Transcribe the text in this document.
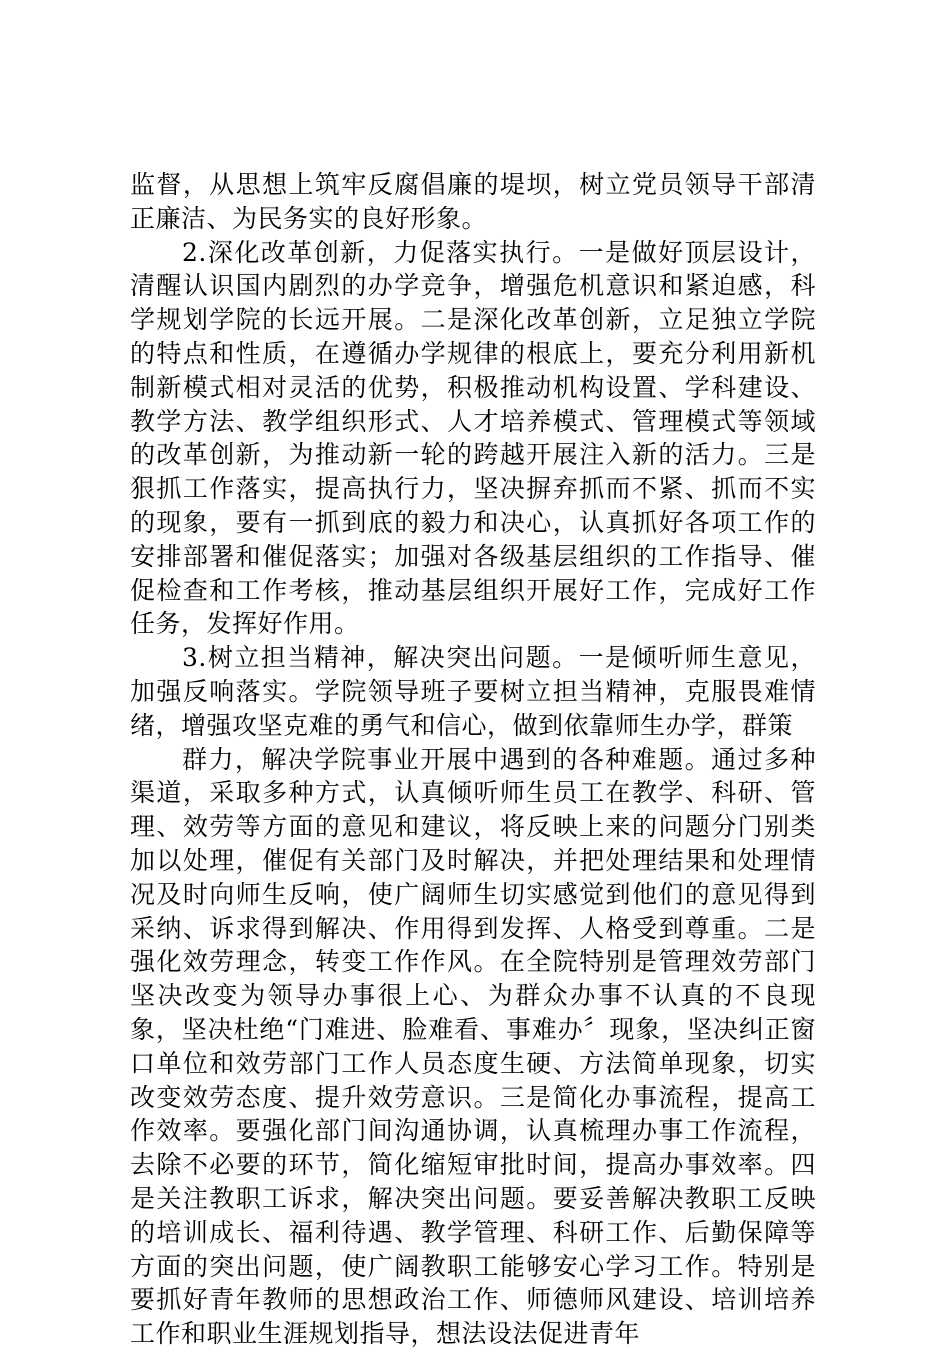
监督，从思想上筑牢反腐倡廉的堤坝，树立党员领导干部清正廉洁、为民务实的良好形象。

2.深化改革创新，力促落实执行。一是做好顶层设计，清醒认识国内剧烈的办学竞争，增强危机意识和紧迫感，科学规划学院的长远开展。二是深化改革创新，立足独立学院的特点和性质，在遵循办学规律的根底上，要充分利用新机制新模式相对灵活的优势，积极推动机构设置、学科建设、教学方法、教学组织形式、人才培养模式、管理模式等领域的改革创新，为推动新一轮的跨越开展注入新的活力。三是狠抓工作落实，提高执行力，坚决摒弃抓而不紧、抓而不实的现象，要有一抓到底的毅力和决心，认真抓好各项工作的安排部署和催促落实；加强对各级基层组织的工作指导、催促检查和工作考核，推动基层组织开展好工作，完成好工作任务，发挥好作用。

3.树立担当精神，解决突出问题。一是倾听师生意见，加强反响落实。学院领导班子要树立担当精神，克服畏难情绪，增强攻坚克难的勇气和信心，做到依靠师生办学，群策

群力，解决学院事业开展中遇到的各种难题。通过多种渠道，采取多种方式，认真倾听师生员工在教学、科研、管理、效劳等方面的意见和建议，将反映上来的问题分门别类加以处理，催促有关部门及时解决，并把处理结果和处理情况及时向师生反响，使广阔师生切实感觉到他们的意见得到采纳、诉求得到解决、作用得到发挥、人格受到尊重。二是强化效劳理念，转变工作作风。在全院特别是管理效劳部门坚决改变为领导办事很上心、为群众办事不认真的不良现象，坚决杜绝“门难进、脸难看、事难办〞现象，坚决纠正窗口单位和效劳部门工作人员态度生硬、方法简单现象，切实改变效劳态度、提升效劳意识。三是简化办事流程，提高工作效率。要强化部门间沟通协调，认真梳理办事工作流程，去除不必要的环节，简化缩短审批时间，提高办事效率。四是关注教职工诉求，解决突出问题。要妥善解决教职工反映的培训成长、福利待遇、教学管理、科研工作、后勤保障等方面的突出问题，使广阔教职工能够安心学习工作。特别是要抓好青年教师的思想政治工作、师德师风建设、培训培养工作和职业生涯规划指导，想法设法促进青年
